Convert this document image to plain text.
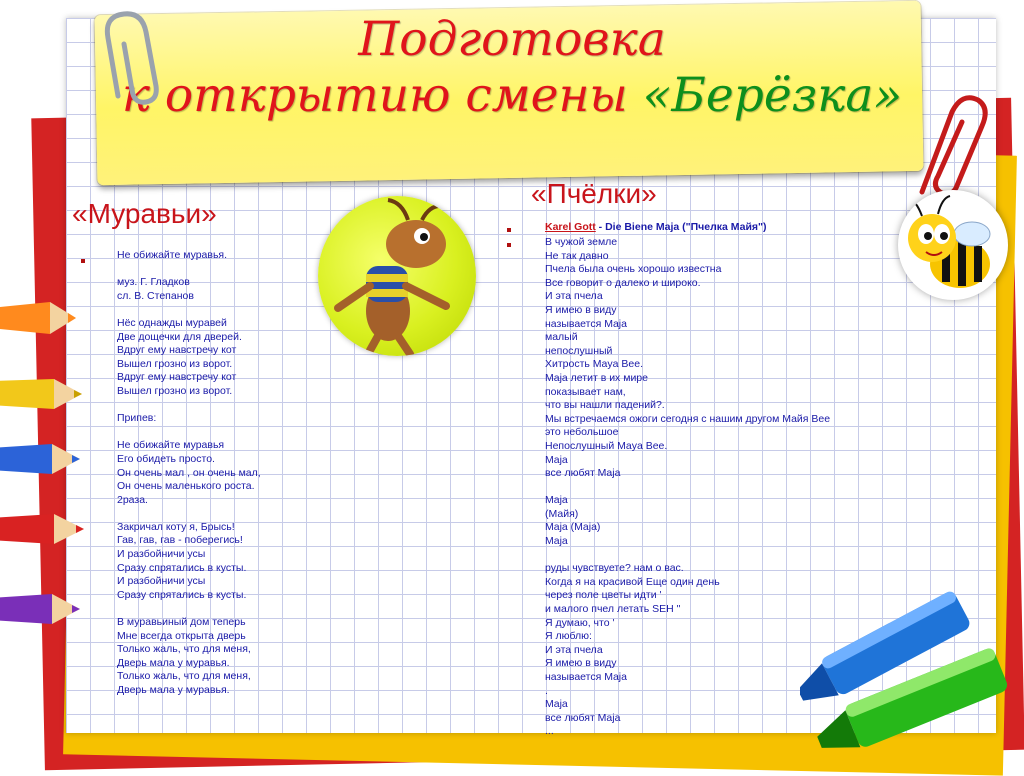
Подготовка
к открытию смены «Берёзка»
«Муравьи»
Не обижайте муравья.
муз. Г. Гладков
сл. В. Степанов
Нёс однажды муравей
Две дощечки для дверей.
Вдруг ему навстречу кот
Вышел грозно из ворот.
Вдруг ему навстречу кот
Вышел грозно из ворот.
Припев:
Не обижайте муравья
Его обидеть просто.
Он очень мал , он очень мал,
Он очень маленького роста.
2раза.
Закричал коту я, Брысь!
Гав, гав, гав - поберегись!
И разбойничи усы
Сразу спрятались в кусты.
И разбойничи усы
Сразу спрятались в кусты.
В муравьиный дом теперь
Мне всегда открыта дверь
Только жаль, что для меня,
Дверь мала у муравья.
Только жаль, что для меня,
Дверь мала у муравья.
«Пчёлки»
Karel Gott - Die Biene Maja ("Пчелка Майя")
В чужой земле
Не так давно
Пчела была очень хорошо известна
Все говорит о далеко и широко.
И эта пчела
Я имею в виду
называется Maja
малый
непослушный
Хитрость Maya Bee.
Maja летит в их мире
показывает нам,
что вы нашли падений?.
Мы встречаемся ожоги сегодня с нашим другом Майя Вее
это небольшое
Непослушный Maya Bee.
Maja
все любят Maja
Maja
(Майя)
Maja (Maja)
Maja
руды чувствуете? нам о вас.
Когда я на красивой Еще один день
через поле цветы идти '
и малого пчел летать SEH "
Я думаю, что '
Я люблю:
И эта пчела
Я имею в виду
называется Maja
.
Maja
все любят Maja
...
